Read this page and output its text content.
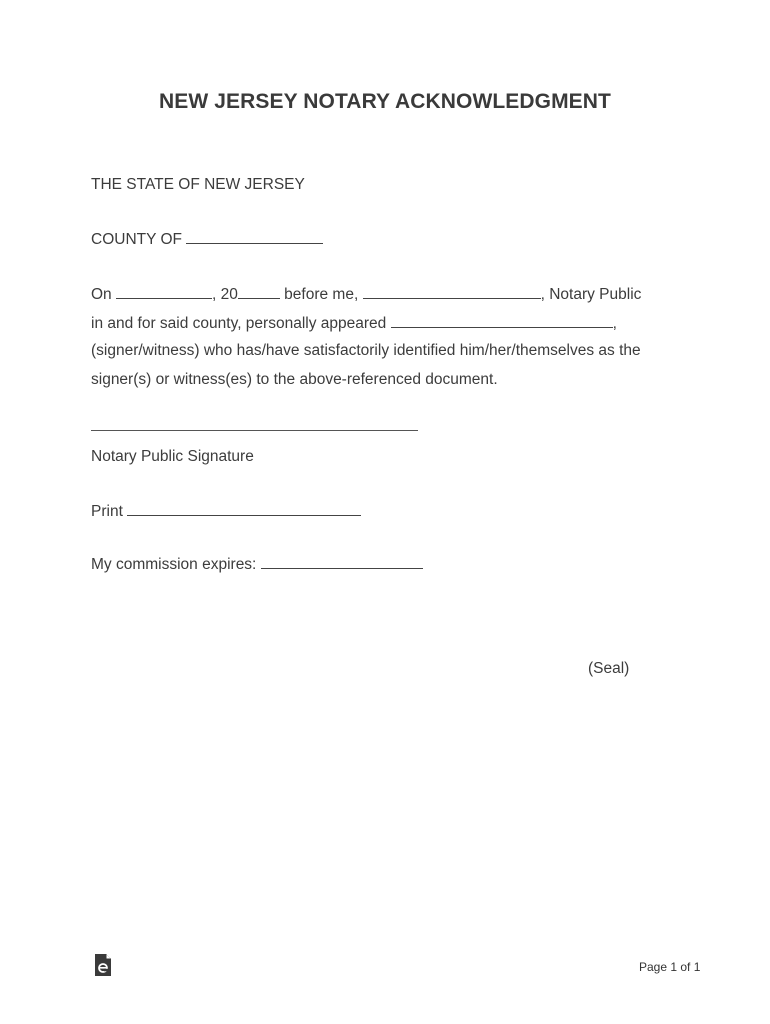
NEW JERSEY NOTARY ACKNOWLEDGMENT
THE STATE OF NEW JERSEY
COUNTY OF
On	, 20	before me,	, Notary Public
in and for said county, personally appeared	,
(signer/witness) who has/have satisfactorily identified him/her/themselves as the
signer(s) or witness(es) to the above-referenced document.
Notary Public Signature
Print
My commission expires:
(Seal)
Page 1 of 1
